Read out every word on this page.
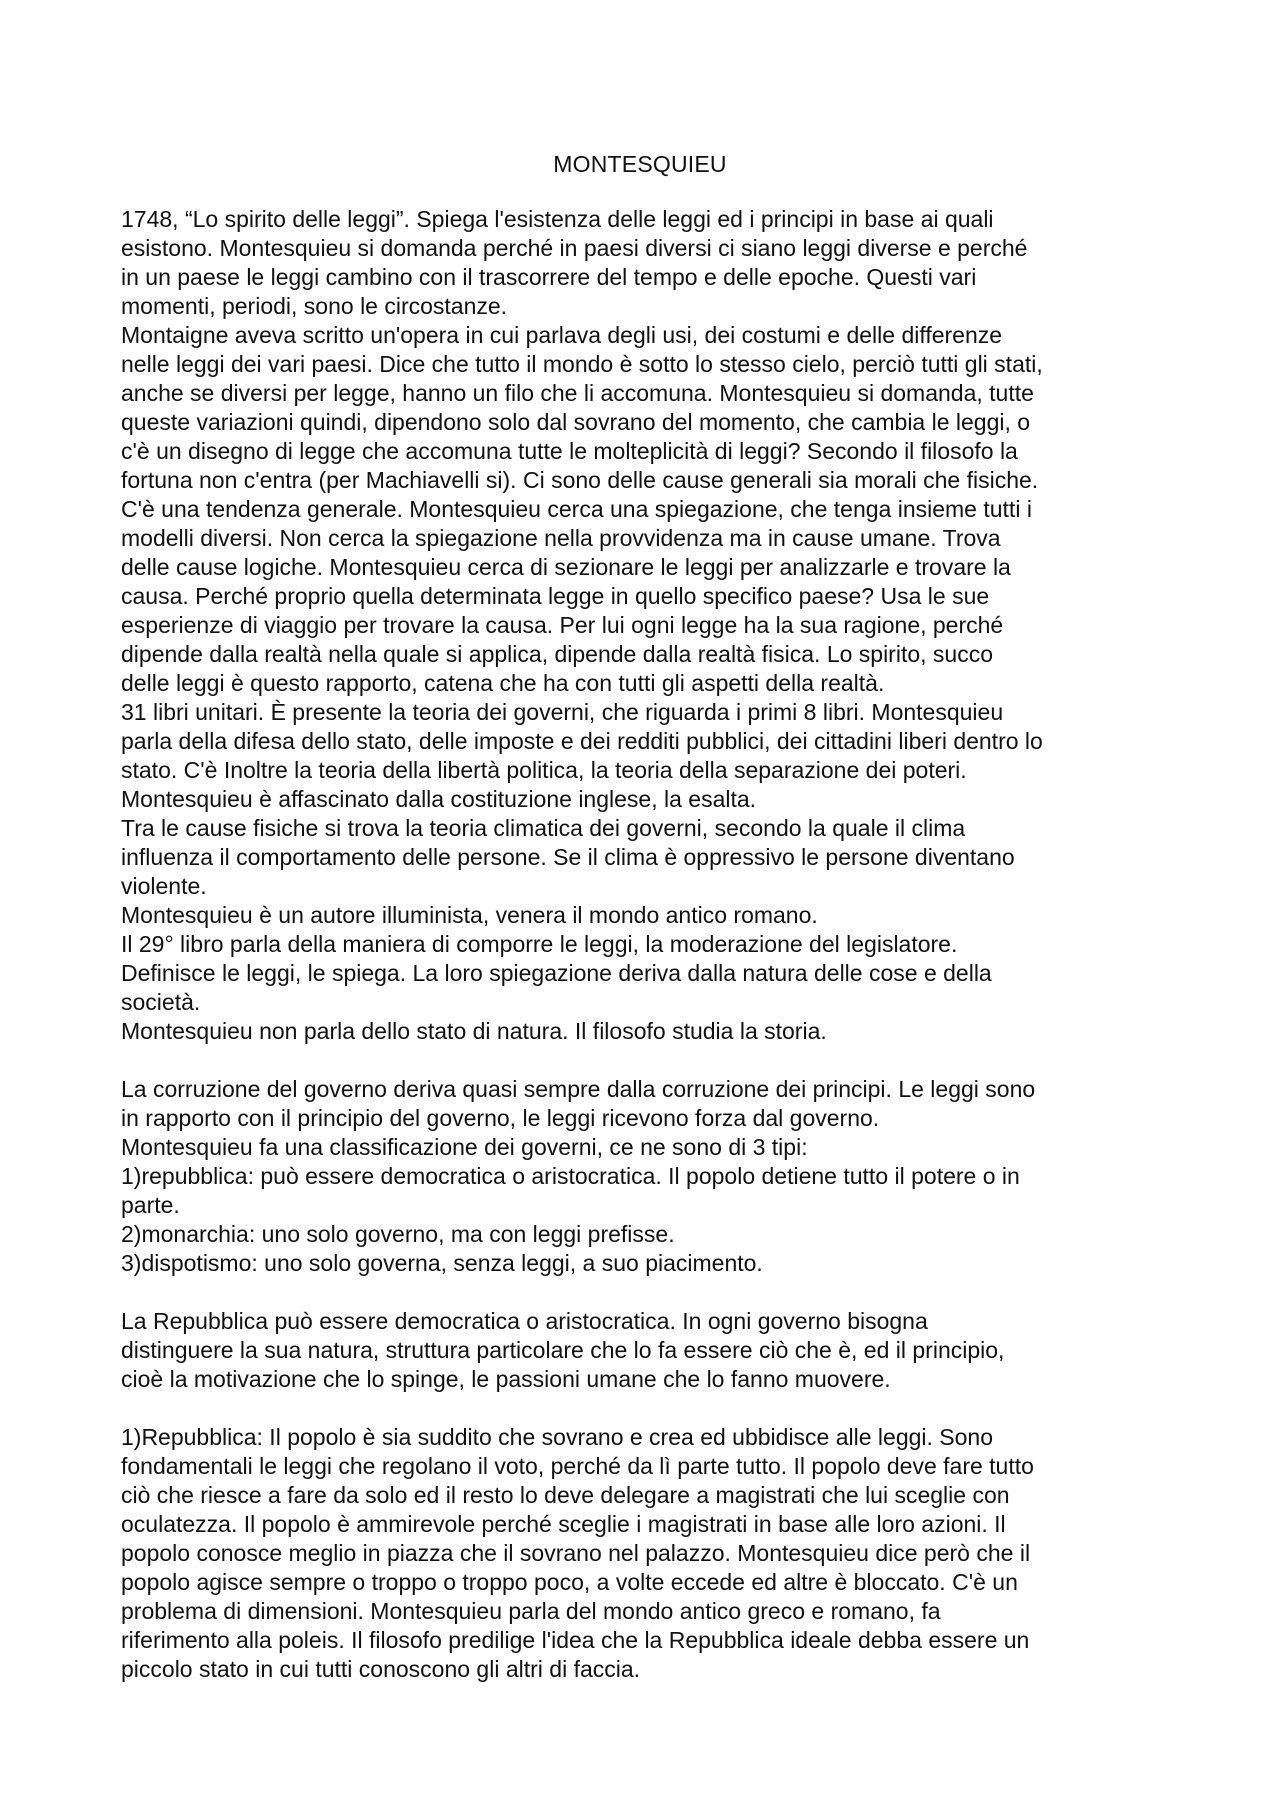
MONTESQUIEU
1748, “Lo spirito delle leggi”. Spiega l'esistenza delle leggi ed i principi in base ai quali
esistono. Montesquieu si domanda perché in paesi diversi ci siano leggi diverse e perché
in un paese le leggi cambino con il trascorrere del tempo e delle epoche. Questi vari
momenti, periodi, sono le circostanze.
Montaigne aveva scritto un'opera in cui parlava degli usi, dei costumi e delle differenze
nelle leggi dei vari paesi. Dice che tutto il mondo è sotto lo stesso cielo, perciò tutti gli stati,
anche se diversi per legge, hanno un filo che li accomuna. Montesquieu si domanda, tutte
queste variazioni quindi, dipendono solo dal sovrano del momento, che cambia le leggi, o
c'è un disegno di legge che accomuna tutte le molteplicità di leggi? Secondo il filosofo la
fortuna non c'entra (per Machiavelli si). Ci sono delle cause generali sia morali che fisiche.
C'è una tendenza generale. Montesquieu cerca una spiegazione, che tenga insieme tutti i
modelli diversi. Non cerca la spiegazione nella provvidenza ma in cause umane. Trova
delle cause logiche. Montesquieu cerca di sezionare le leggi per analizzarle e trovare la
causa. Perché proprio quella determinata legge in quello specifico paese? Usa le sue
esperienze di viaggio per trovare la causa. Per lui ogni legge ha la sua ragione, perché
dipende dalla realtà nella quale si applica, dipende dalla realtà fisica. Lo spirito, succo
delle leggi è questo rapporto, catena che ha con tutti gli aspetti della realtà.
31 libri unitari. È presente la teoria dei governi, che riguarda i primi 8 libri. Montesquieu
parla della difesa dello stato, delle imposte e dei redditi pubblici, dei cittadini liberi dentro lo
stato. C'è Inoltre la teoria della libertà politica, la teoria della separazione dei poteri.
Montesquieu è affascinato dalla costituzione inglese, la esalta.
Tra le cause fisiche si trova la teoria climatica dei governi, secondo la quale il clima
influenza il comportamento delle persone. Se il clima è oppressivo le persone diventano
violente.
Montesquieu è un autore illuminista, venera il mondo antico romano.
Il 29° libro parla della maniera di comporre le leggi, la moderazione del legislatore.
Definisce le leggi, le spiega. La loro spiegazione deriva dalla natura delle cose e della
società.
Montesquieu non parla dello stato di natura. Il filosofo studia la storia.
La corruzione del governo deriva quasi sempre dalla corruzione dei principi. Le leggi sono
in rapporto con il principio del governo, le leggi ricevono forza dal governo.
Montesquieu fa una classificazione dei governi, ce ne sono di 3 tipi:
1)repubblica: può essere democratica o aristocratica. Il popolo detiene tutto il potere o in
parte.
2)monarchia: uno solo governo, ma con leggi prefisse.
3)dispotismo: uno solo governa, senza leggi, a suo piacimento.
La Repubblica può essere democratica o aristocratica. In ogni governo bisogna
distinguere la sua natura, struttura particolare che lo fa essere ciò che è, ed il principio,
cioè la motivazione che lo spinge, le passioni umane che lo fanno muovere.
1)Repubblica: Il popolo è sia suddito che sovrano e crea ed ubbidisce alle leggi. Sono
fondamentali le leggi che regolano il voto, perché da lì parte tutto. Il popolo deve fare tutto
ciò che riesce a fare da solo ed il resto lo deve delegare a magistrati che lui sceglie con
oculatezza. Il popolo è ammirevole perché sceglie i magistrati in base alle loro azioni. Il
popolo conosce meglio in piazza che il sovrano nel palazzo. Montesquieu dice però che il
popolo agisce sempre o troppo o troppo poco, a volte eccede ed altre è bloccato. C'è un
problema di dimensioni. Montesquieu parla del mondo antico greco e romano, fa
riferimento alla poleis. Il filosofo predilige l'idea che la Repubblica ideale debba essere un
piccolo stato in cui tutti conoscono gli altri di faccia.
